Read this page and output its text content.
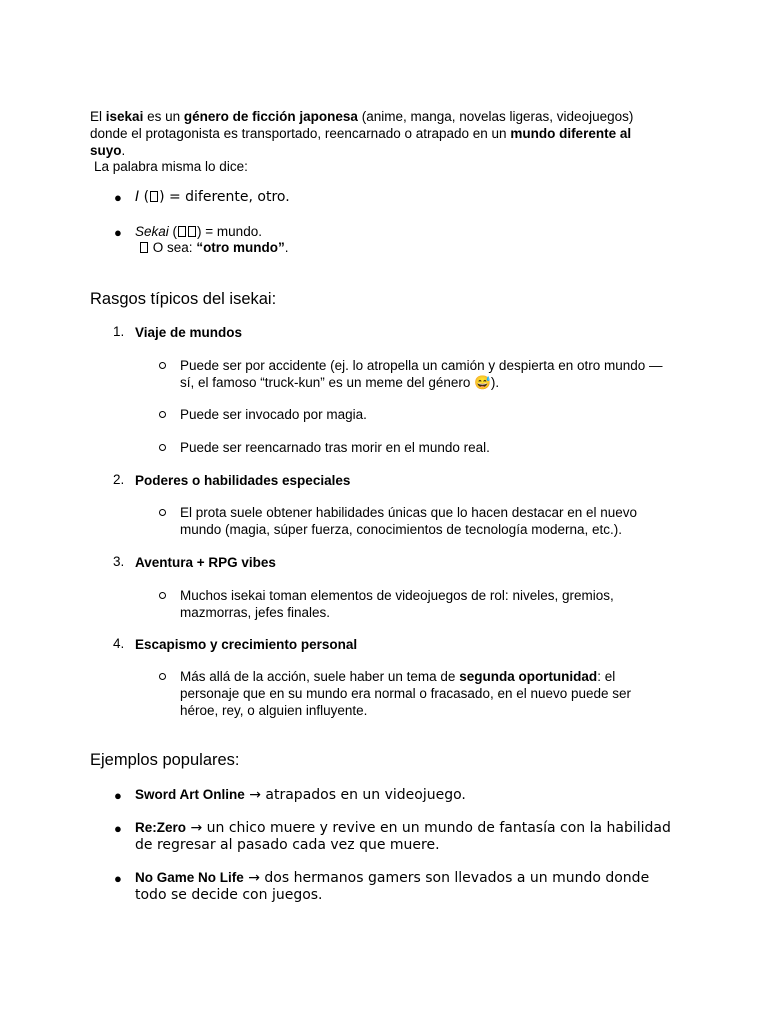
El isekai es un género de ficción japonesa (anime, manga, novelas ligeras, videojuegos)
donde el protagonista es transportado, reencarnado o atrapado en un mundo diferente al
suyo.
La palabra misma lo dice:
● I ( ) = diferente, otro.
● Sekai ( ) = mundo.
O sea: “otro mundo”.
Rasgos típicos del isekai:
1. Viaje de mundos
Puede ser por accidente (ej. lo atropella un camión y despierta en otro mundo —
sí, el famoso “truck-kun” es un meme del género 😅).
Puede ser invocado por magia.
Puede ser reencarnado tras morir en el mundo real.
2. Poderes o habilidades especiales
El prota suele obtener habilidades únicas que lo hacen destacar en el nuevo
mundo (magia, súper fuerza, conocimientos de tecnología moderna, etc.).
3. Aventura + RPG vibes
Muchos isekai toman elementos de videojuegos de rol: niveles, gremios,
mazmorras, jefes finales.
4. Escapismo y crecimiento personal
Más allá de la acción, suele haber un tema de segunda oportunidad: el
personaje que en su mundo era normal o fracasado, en el nuevo puede ser
héroe, rey, o alguien influyente.
Ejemplos populares:
● Sword Art Online → atrapados en un videojuego.
● Re:Zero → un chico muere y revive en un mundo de fantasía con la habilidad
de regresar al pasado cada vez que muere.
● No Game No Life → dos hermanos gamers son llevados a un mundo donde
todo se decide con juegos.
